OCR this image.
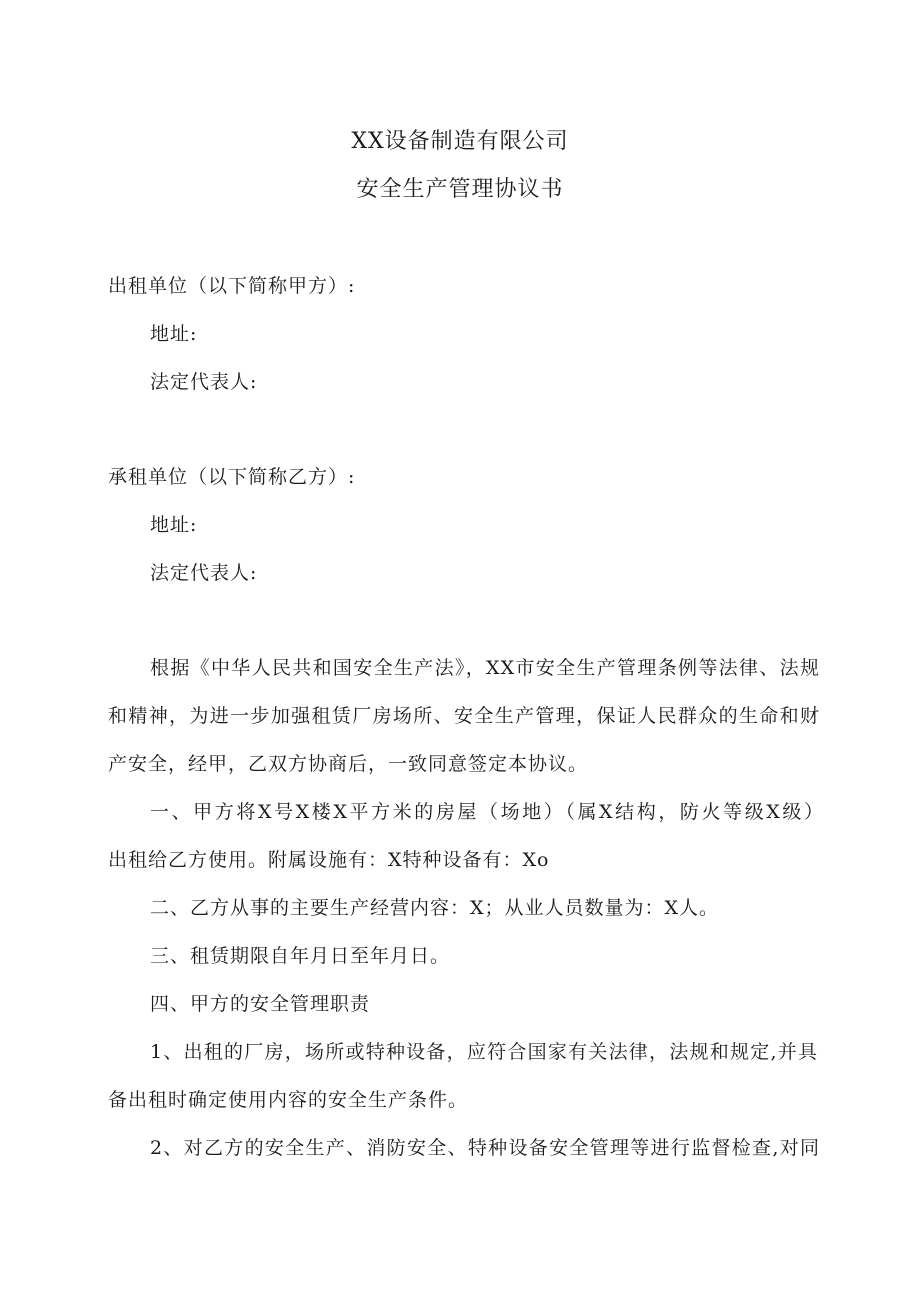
XX设备制造有限公司
安全生产管理协议书
出租单位（以下简称甲方）:
地址:
法定代表人:
承租单位（以下简称乙方）:
地址:
法定代表人:
根据《中华人民共和国安全生产法》，XX市安全生产管理条例等法律、法规
和精神，为进一步加强租赁厂房场所、安全生产管理，保证人民群众的生命和财
产安全，经甲，乙双方协商后，一致同意签定本协议。
一、甲方将X号X楼X平方米的房屋（场地）（属X结构，防火等级X级）
出租给乙方使用。附属设施有：X特种设备有：Xo
二、乙方从事的主要生产经营内容：X；从业人员数量为：X人。
三、租赁期限自年月日至年月日。
四、甲方的安全管理职责
1、出租的厂房，场所或特种设备，应符合国家有关法律，法规和规定,并具
备出租时确定使用内容的安全生产条件。
2、对乙方的安全生产、消防安全、特种设备安全管理等进行监督检查,对同
